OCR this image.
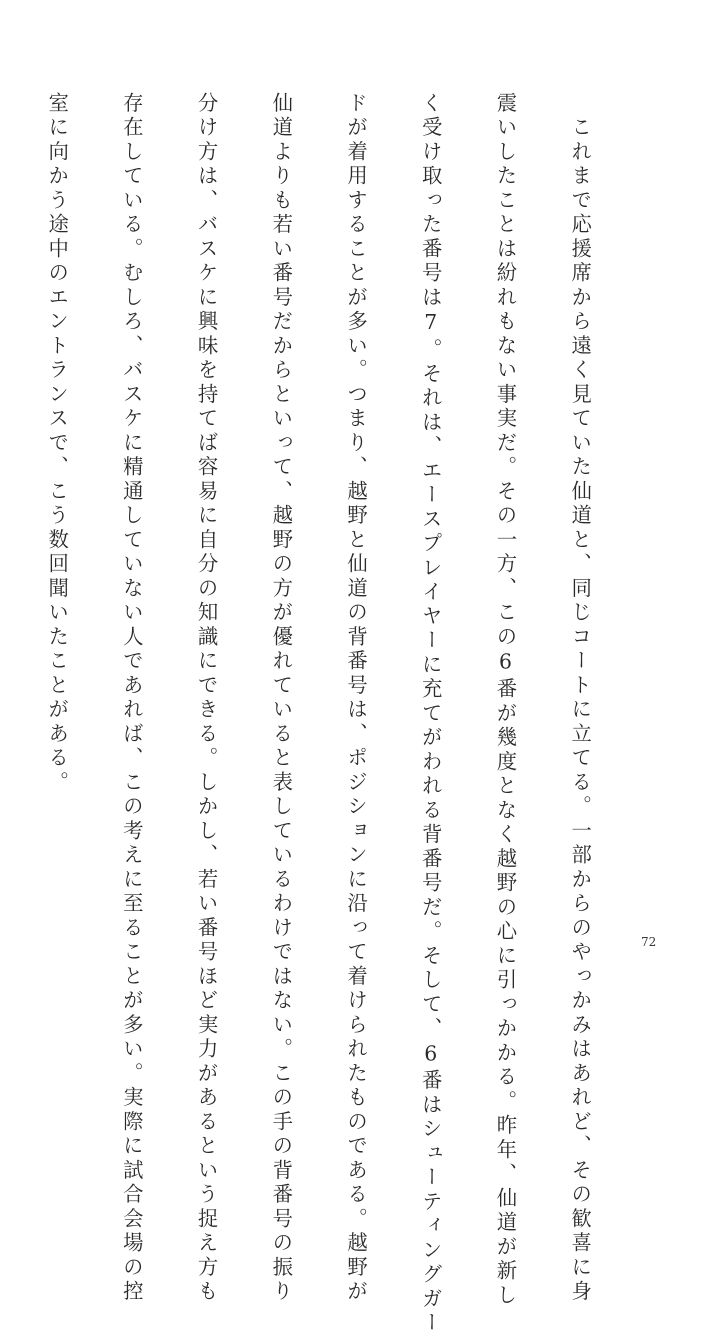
　これまで応援席から遠く見ていた仙道と、同じコートに立てる。一部からのやっかみはあれど、その歓喜に身

震いしたことは紛れもない事実だ。その一方、この6番が幾度となく越野の心に引っかかる。昨年、仙道が新し

く受け取った番号は7。それは、エースプレイヤーに充てがわれる背番号だ。そして、6番はシューティングガー

ドが着用することが多い。つまり、越野と仙道の背番号は、ポジションに沿って着けられたものである。越野が

仙道よりも若い番号だからといって、越野の方が優れていると表しているわけではない。この手の背番号の振り

分け方は、バスケに興味を持てば容易に自分の知識にできる。しかし、若い番号ほど実力があるという捉え方も

存在している。むしろ、バスケに精通していない人であれば、この考えに至ることが多い。実際に試合会場の控

室に向かう途中のエントランスで、こう数回聞いたことがある。

72
